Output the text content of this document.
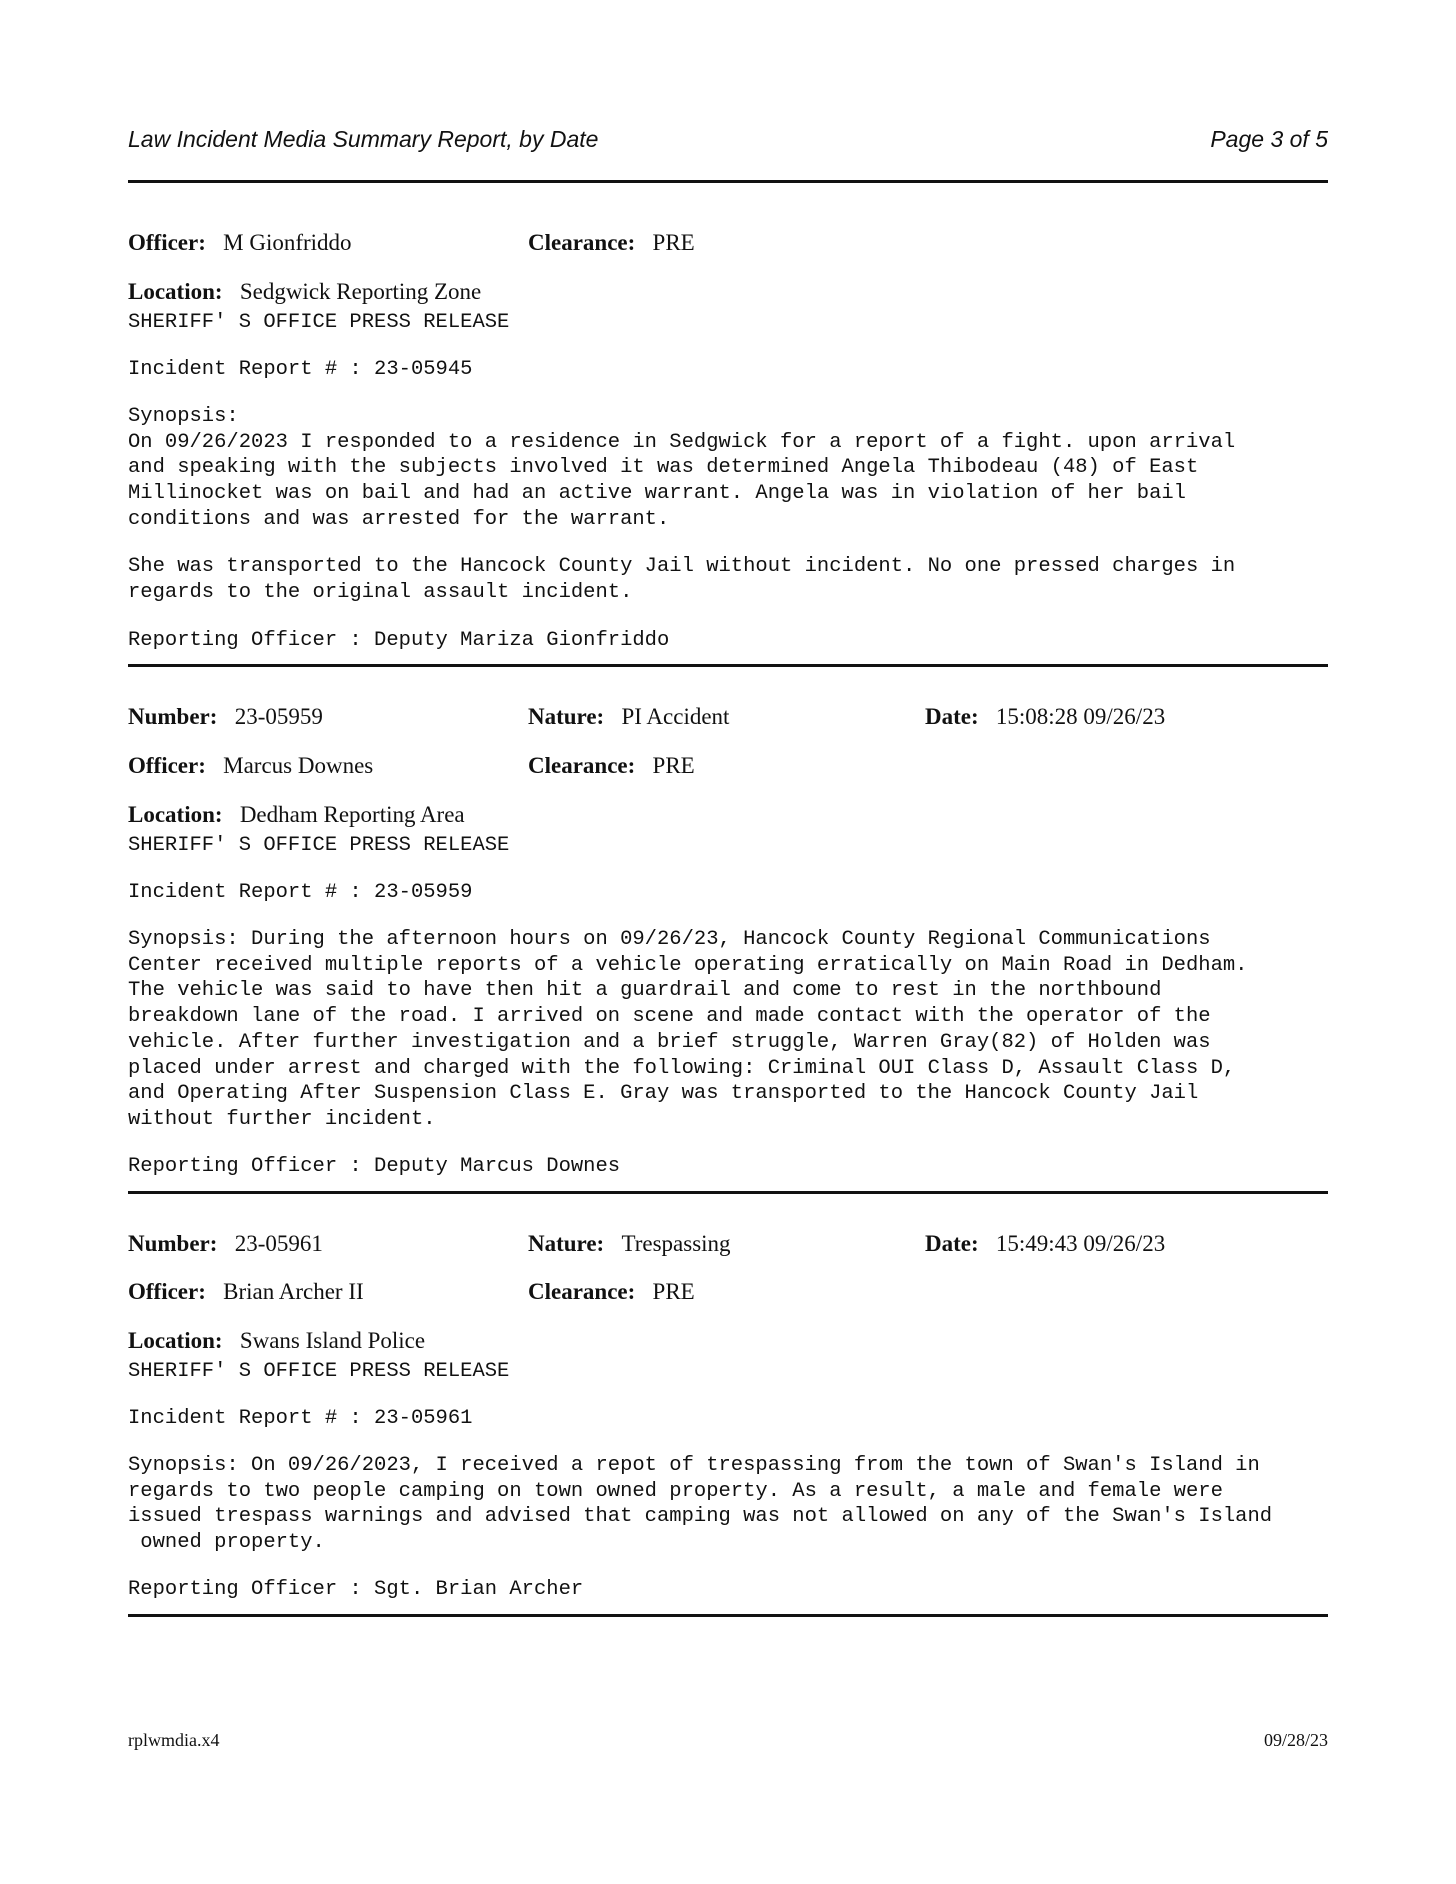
Law Incident Media Summary Report, by Date	Page 3 of 5
Officer: M Gionfriddo	Clearance: PRE
Location: Sedgwick Reporting Zone
SHERIFF' S OFFICE PRESS RELEASE
Incident Report # : 23-05945
Synopsis:
On 09/26/2023 I responded to a residence in Sedgwick for a report of a fight. upon arrival
and speaking with the subjects involved it was determined Angela Thibodeau (48) of East
Millinocket was on bail and had an active warrant. Angela was in violation of her bail
conditions and was arrested for the warrant.
She was transported to the Hancock County Jail without incident. No one pressed charges in
regards to the original assault incident.
Reporting Officer : Deputy Mariza Gionfriddo
Number: 23-05959	Nature: PI Accident	Date: 15:08:28 09/26/23
Officer: Marcus Downes	Clearance: PRE
Location: Dedham Reporting Area
SHERIFF' S OFFICE PRESS RELEASE
Incident Report # : 23-05959
Synopsis: During the afternoon hours on 09/26/23, Hancock County Regional Communications
Center received multiple reports of a vehicle operating erratically on Main Road in Dedham.
The vehicle was said to have then hit a guardrail and come to rest in the northbound
breakdown lane of the road. I arrived on scene and made contact with the operator of the
vehicle. After further investigation and a brief struggle, Warren Gray(82) of Holden was
placed under arrest and charged with the following: Criminal OUI Class D, Assault Class D,
and Operating After Suspension Class E. Gray was transported to the Hancock County Jail
without further incident.
Reporting Officer : Deputy Marcus Downes
Number: 23-05961	Nature: Trespassing	Date: 15:49:43 09/26/23
Officer: Brian Archer II	Clearance: PRE
Location: Swans Island Police
SHERIFF' S OFFICE PRESS RELEASE
Incident Report # : 23-05961
Synopsis: On 09/26/2023, I received a repot of trespassing from the town of Swan's Island in
regards to two people camping on town owned property. As a result, a male and female were
issued trespass warnings and advised that camping was not allowed on any of the Swan's Island
owned property.
Reporting Officer : Sgt. Brian Archer
rplwmdia.x4	09/28/23
